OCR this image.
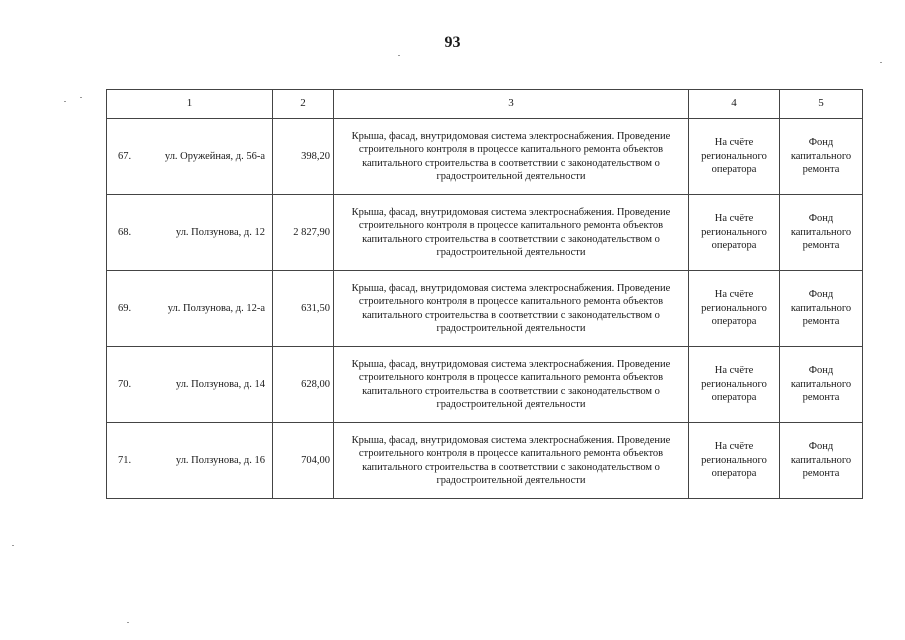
93
1	2	3	4	5

67. ул. Оружейная, д. 56-а	398,20	Крыша, фасад, внутридомовая система электроснабжения. Проведение строительного контроля в процессе капитального ремонта объектов капитального строительства в соответствии с законодательством о градостроительной деятельности	На счёте регионального оператора	Фонд капитального ремонта

68. ул. Ползунова, д. 12	2 827,90	Крыша, фасад, внутридомовая система электроснабжения. Проведение строительного контроля в процессе капитального ремонта объектов капитального строительства в соответствии с законодательством о градостроительной деятельности	На счёте регионального оператора	Фонд капитального ремонта

69. ул. Ползунова, д. 12-а	631,50	Крыша, фасад, внутридомовая система электроснабжения. Проведение строительного контроля в процессе капитального ремонта объектов капитального строительства в соответствии с законодательством о градостроительной деятельности	На счёте регионального оператора	Фонд капитального ремонта

70. ул. Ползунова, д. 14	628,00	Крыша, фасад, внутридомовая система электроснабжения. Проведение строительного контроля в процессе капитального ремонта объектов капитального строительства в соответствии с законодательством о градостроительной деятельности	На счёте регионального оператора	Фонд капитального ремонта

71. ул. Ползунова, д. 16	704,00	Крыша, фасад, внутридомовая система электроснабжения. Проведение строительного контроля в процессе капитального ремонта объектов капитального строительства в соответствии с законодательством о градостроительной деятельности	На счёте регионального оператора	Фонд капитального ремонта
